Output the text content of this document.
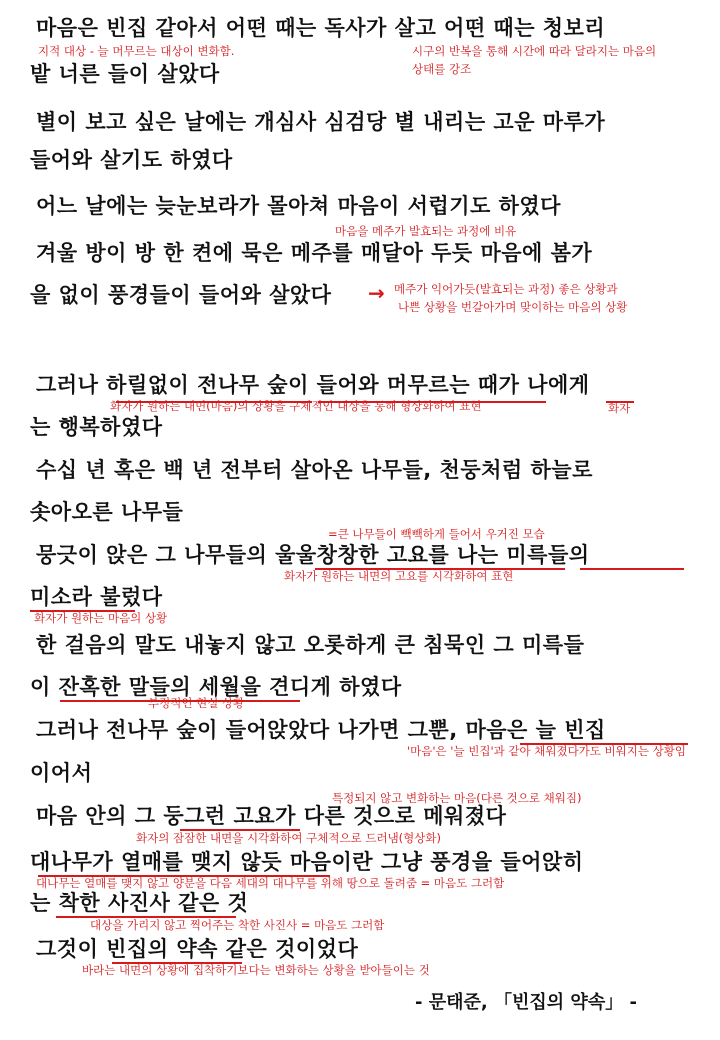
마음은 빈집 같아서 어떤 때는 독사가 살고 어떤 때는 청보리
밭 너른 들이 살았다
별이 보고 싶은 날에는 개심사 심검당 별 내리는 고운 마루가
들어와 살기도 하였다
어느 날에는 늦눈보라가 몰아쳐 마음이 서럽기도 하였다
겨울 방이 방 한 켠에 묵은 메주를 매달아 두듯 마음에 봄가
을 없이 풍경들이 들어와 살았다
그러나 하릴없이 전나무 숲이 들어와 머무르는 때가 나에게
는 행복하였다
수십 년 혹은 백 년 전부터 살아온 나무들, 천둥처럼 하늘로
솟아오른 나무들
뭉긋이 앉은 그 나무들의 울울창창한 고요를 나는 미륵들의
미소라 불렀다
한 걸음의 말도 내놓지 않고 오롯하게 큰 침묵인 그 미륵들
이 잔혹한 말들의 세월을 견디게 하였다
그러나 전나무 숲이 들어앉았다 나가면 그뿐, 마음은 늘 빈집
이어서
마음 안의 그 둥그런 고요가 다른 것으로 메워졌다
대나무가 열매를 맺지 않듯 마음이란 그냥 풍경을 들어앉히
는 착한 사진사 같은 것
그것이 빈집의 약속 같은 것이었다
- 문태준, 「빈집의 약속」 -
→
지적 대상 - 늘 머무르는 대상이 변화함.	시구의 반복을 통해 시간에 따라 달라지는 마음의
상태를 강조
마음을 메주가 발효되는 과정에 비유
메주가 익어가듯(발효되는 과정) 좋은 상황과
나쁜 상황을 번갈아가며 맞이하는 마음의 상황
화자가 원하는 내면(마음)의 상황을 구체적인 대상을 통해 형상화하여 표현	화자
=큰 나무들이 빽빽하게 들어서 우거진 모습
화자가 원하는 내면의 고요를 시각화하여 표현
화자가 원하는 마음의 상황
부정적인 현실 상황
'마음'은 '늘 빈집'과 같아 채워졌다가도 비워지는 상황임
특정되지 않고 변화하는 마음(다른 것으로 채워짐)
화자의 잠잠한 내면을 시각화하여 구체적으로 드러냄(형상화)
대나무는 열매를 맺지 않고 양분을 다음 세대의 대나무를 위해 땅으로 돌려줌 = 마음도 그러함
대상을 가리지 않고 찍어주는 착한 사진사 = 마음도 그러함
바라는 내면의 상황에 집착하기보다는 변화하는 상황을 받아들이는 것
